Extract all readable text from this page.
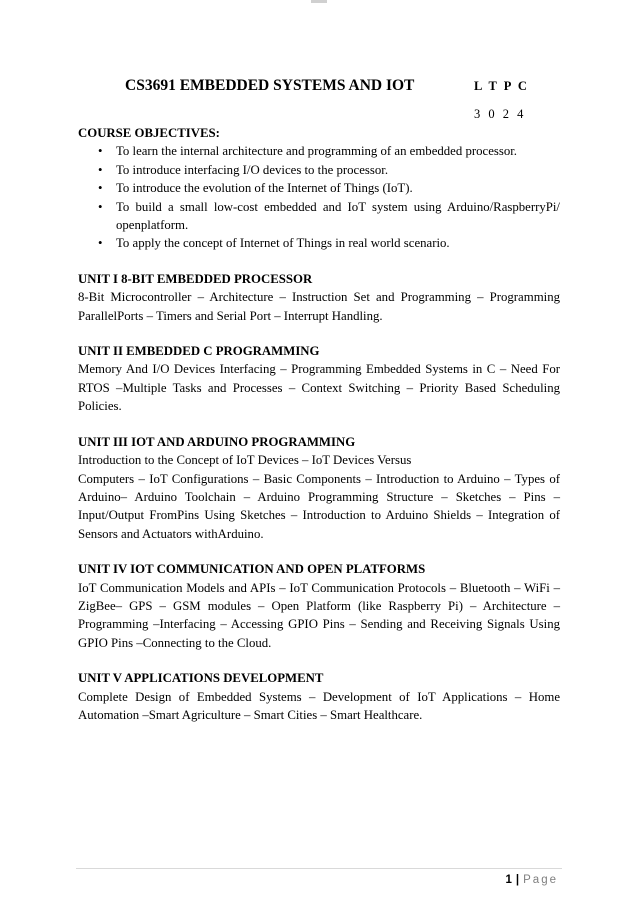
CS3691 EMBEDDED SYSTEMS AND IOT	L T P C
3 0 2 4

COURSE OBJECTIVES:

• To learn the internal architecture and programming of an embedded processor.
• To introduce interfacing I/O devices to the processor.
• To introduce the evolution of the Internet of Things (IoT).
• To build a small low-cost embedded and IoT system using Arduino/RaspberryPi/ openplatform.
• To apply the concept of Internet of Things in real world scenario.

UNIT I 8-BIT EMBEDDED PROCESSOR

8-Bit Microcontroller – Architecture – Instruction Set and Programming – Programming ParallelPorts – Timers and Serial Port – Interrupt Handling.

UNIT II EMBEDDED C PROGRAMMING

Memory And I/O Devices Interfacing – Programming Embedded Systems in C – Need For RTOS –Multiple Tasks and Processes – Context Switching – Priority Based Scheduling Policies.

UNIT III IOT AND ARDUINO PROGRAMMING

Introduction to the Concept of IoT Devices – IoT Devices Versus

Computers – IoT Configurations – Basic Components – Introduction to Arduino – Types of Arduino– Arduino Toolchain – Arduino Programming Structure – Sketches – Pins – Input/Output FromPins Using Sketches – Introduction to Arduino Shields – Integration of Sensors and Actuators withArduino.

UNIT IV IOT COMMUNICATION AND OPEN PLATFORMS

IoT Communication Models and APIs – IoT Communication Protocols – Bluetooth – WiFi – ZigBee– GPS – GSM modules – Open Platform (like Raspberry Pi) – Architecture – Programming –Interfacing – Accessing GPIO Pins – Sending and Receiving Signals Using GPIO Pins –Connecting to the Cloud.

UNIT V APPLICATIONS DEVELOPMENT

Complete Design of Embedded Systems – Development of IoT Applications – Home Automation –Smart Agriculture – Smart Cities – Smart Healthcare.

1 | Page
